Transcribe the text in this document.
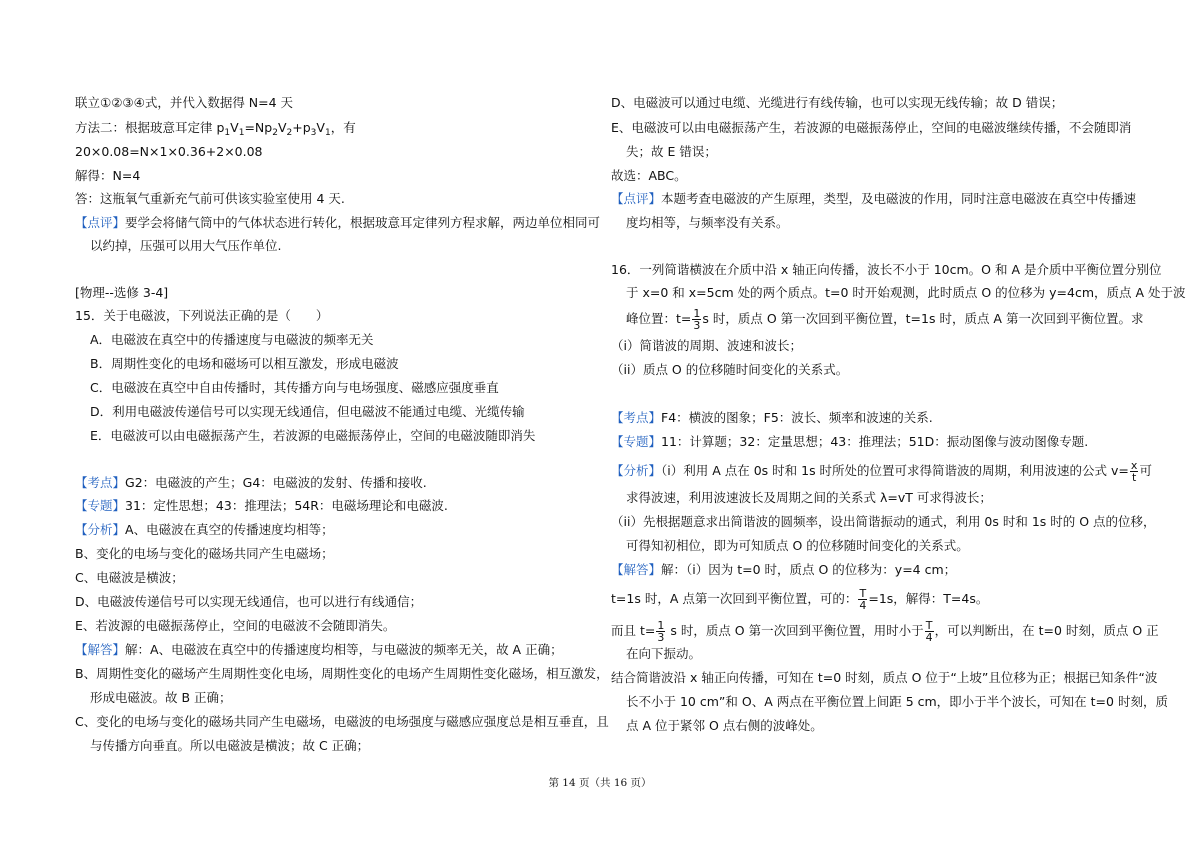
联立①②③④式，并代入数据得 N=4 天
方法二：根据玻意耳定律 $p_1V_1=Np_2V_2+p_3V_1$，有
20×0.08=N×1×0.36+2×0.08
解得：N=4
答：这瓶氧气重新充气前可供该实验室使用 4 天.
【点评】要学会将储气筒中的气体状态进行转化，根据玻意耳定律列方程求解，两边单位相同可
以约掉，压强可以用大气压作单位.
[物理--选修 3-4]
15．关于电磁波，下列说法正确的是（　　）
A．电磁波在真空中的传播速度与电磁波的频率无关
B．周期性变化的电场和磁场可以相互激发，形成电磁波
C．电磁波在真空中自由传播时，其传播方向与电场强度、磁感应强度垂直
D．利用电磁波传递信号可以实现无线通信，但电磁波不能通过电缆、光缆传输
E．电磁波可以由电磁振荡产生，若波源的电磁振荡停止，空间的电磁波随即消失
【考点】G2：电磁波的产生；G4：电磁波的发射、传播和接收.
【专题】31：定性思想；43：推理法；54R：电磁场理论和电磁波.
【分析】A、电磁波在真空的传播速度均相等；
B、变化的电场与变化的磁场共同产生电磁场；
C、电磁波是横波；
D、电磁波传递信号可以实现无线通信，也可以进行有线通信；
E、若波源的电磁振荡停止，空间的电磁波不会随即消失。
【解答】解：A、电磁波在真空中的传播速度均相等，与电磁波的频率无关，故 A 正确；
B、周期性变化的磁场产生周期性变化电场，周期性变化的电场产生周期性变化磁场，相互激发，
形成电磁波。故 B 正确；
C、变化的电场与变化的磁场共同产生电磁场，电磁波的电场强度与磁感应强度总是相互垂直，且
与传播方向垂直。所以电磁波是横波；故 C 正确；
D、电磁波可以通过电缆、光缆进行有线传输，也可以实现无线传输；故 D 错误；
E、电磁波可以由电磁振荡产生，若波源的电磁振荡停止，空间的电磁波继续传播，不会随即消
失；故 E 错误；
故选：ABC。
【点评】本题考查电磁波的产生原理，类型，及电磁波的作用，同时注意电磁波在真空中传播速
度均相等，与频率没有关系。
16．一列简谐横波在介质中沿 x 轴正向传播，波长不小于 10cm。O 和 A 是介质中平衡位置分别位
于 x=0 和 x=5cm 处的两个质点。t=0 时开始观测，此时质点 O 的位移为 y=4cm，质点 A 处于波
峰位置：$t= \frac{1}{3}$ s 时，质点 O 第一次回到平衡位置，t=1s 时，质点 A 第一次回到平衡位置。求
（i）简谐波的周期、波速和波长；
（ii）质点 O 的位移随时间变化的关系式。
【考点】F4：横波的图象；F5：波长、频率和波速的关系.
【专题】11：计算题；32：定量思想；43：推理法；51D：振动图像与波动图像专题.
【分析】（i）利用 A 点在 0s 时和 1s 时所处的位置可求得简谐波的周期，利用波速的公式 $v= \frac{x}{t}$ 可
求得波速，利用波速波长及周期之间的关系式 λ=vT 可求得波长；
（ii）先根据题意求出简谐波的圆频率，设出简谐振动的通式，利用 0s 时和 1s 时的 O 点的位移，
可得知初相位，即为可知质点 O 的位移随时间变化的关系式。
【解答】解：（i）因为 t=0 时，质点 O 的位移为：y=4 cm；
t=1s 时，A 点第一次回到平衡位置，可的： $\frac{T}{4} =1s$，解得：T=4s。
而且 $t= \frac{1}{3}$ s 时，质点 O 第一次回到平衡位置，用时小于 $\frac{T}{4}$ ，可以判断出，在 t=0 时刻，质点 O 正
在向下振动。
结合简谐波沿 x 轴正向传播，可知在 t=0 时刻，质点 O 位于“上坡”且位移为正；根据已知条件“波
长不小于 10 cm”和 O、A 两点在平衡位置上间距 5 cm，即小于半个波长，可知在 t=0 时刻，质
点 A 位于紧邻 O 点右侧的波峰处。
第 14 页（共 16 页）
